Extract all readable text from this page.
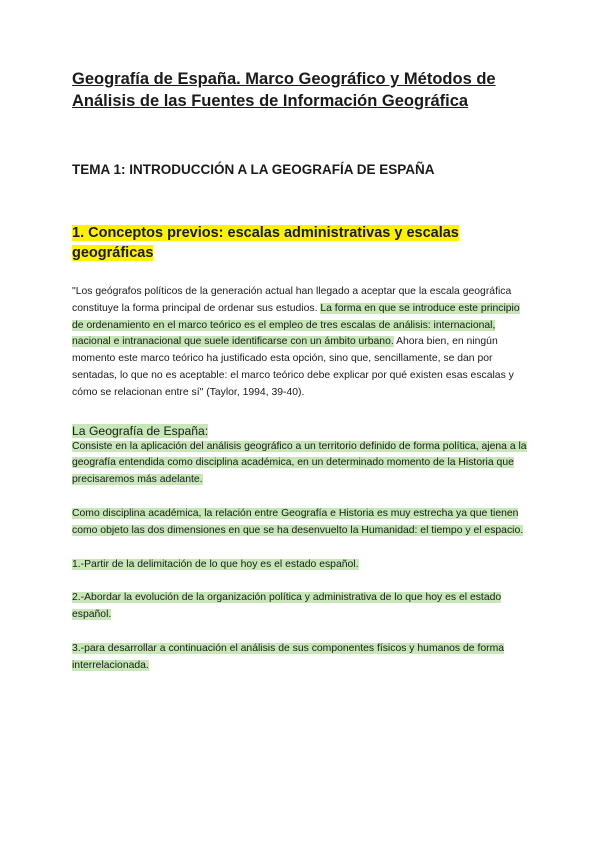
Geografía de España. Marco Geográfico y Métodos de Análisis de las Fuentes de Información Geográfica
TEMA 1: INTRODUCCIÓN A LA GEOGRAFÍA DE ESPAÑA
1. Conceptos previos: escalas administrativas y escalas geográficas

"Los geógrafos políticos de la generación actual han llegado a aceptar que la escala geográfica constituye la forma principal de ordenar sus estudios. La forma en que se introduce este principio de ordenamiento en el marco teórico es el empleo de tres escalas de análisis: internacional, nacional e intranacional que suele identificarse con un ámbito urbano. Ahora bien, en ningún momento este marco teórico ha justificado esta opción, sino que, sencillamente, se dan por sentadas, lo que no es aceptable: el marco teórico debe explicar por qué existen esas escalas y cómo se relacionan entre sí" (Taylor, 1994, 39-40).

La Geografía de España:

Consiste en la aplicación del análisis geográfico a un territorio definido de forma política, ajena a la geografía entendida como disciplina académica, en un determinado momento de la Historia que precisaremos más adelante.

Como disciplina académica, la relación entre Geografía e Historia es muy estrecha ya que tienen como objeto las dos dimensiones en que se ha desenvuelto la Humanidad: el tiempo y el espacio.

1.-Partir de la delimitación de lo que hoy es el estado español.

2.-Abordar la evolución de la organización política y administrativa de lo que hoy es el estado español.

3.-para desarrollar a continuación el análisis de sus componentes físicos y humanos de forma interrelacionada.
